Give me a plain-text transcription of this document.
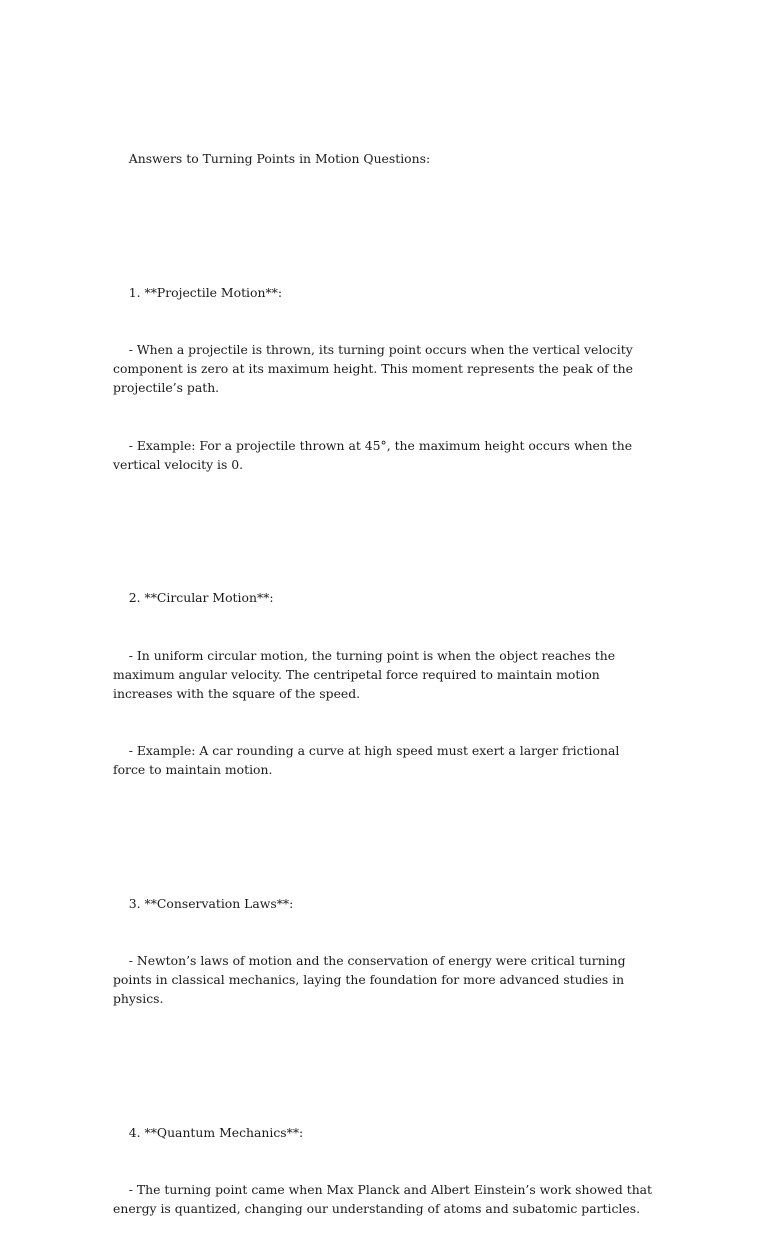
Answers to Turning Points in Motion Questions:

1. **Projectile Motion**:

- When a projectile is thrown, its turning point occurs when the vertical velocity component is zero at its maximum height. This moment represents the peak of the projectile’s path.

- Example: For a projectile thrown at 45°, the maximum height occurs when the vertical velocity is 0.

2. **Circular Motion**:

- In uniform circular motion, the turning point is when the object reaches the maximum angular velocity. The centripetal force required to maintain motion increases with the square of the speed.

- Example: A car rounding a curve at high speed must exert a larger frictional force to maintain motion.

3. **Conservation Laws**:

- Newton’s laws of motion and the conservation of energy were critical turning points in classical mechanics, laying the foundation for more advanced studies in physics.

4. **Quantum Mechanics**:

- The turning point came when Max Planck and Albert Einstein’s work showed that energy is quantized, changing our understanding of atoms and subatomic particles.
